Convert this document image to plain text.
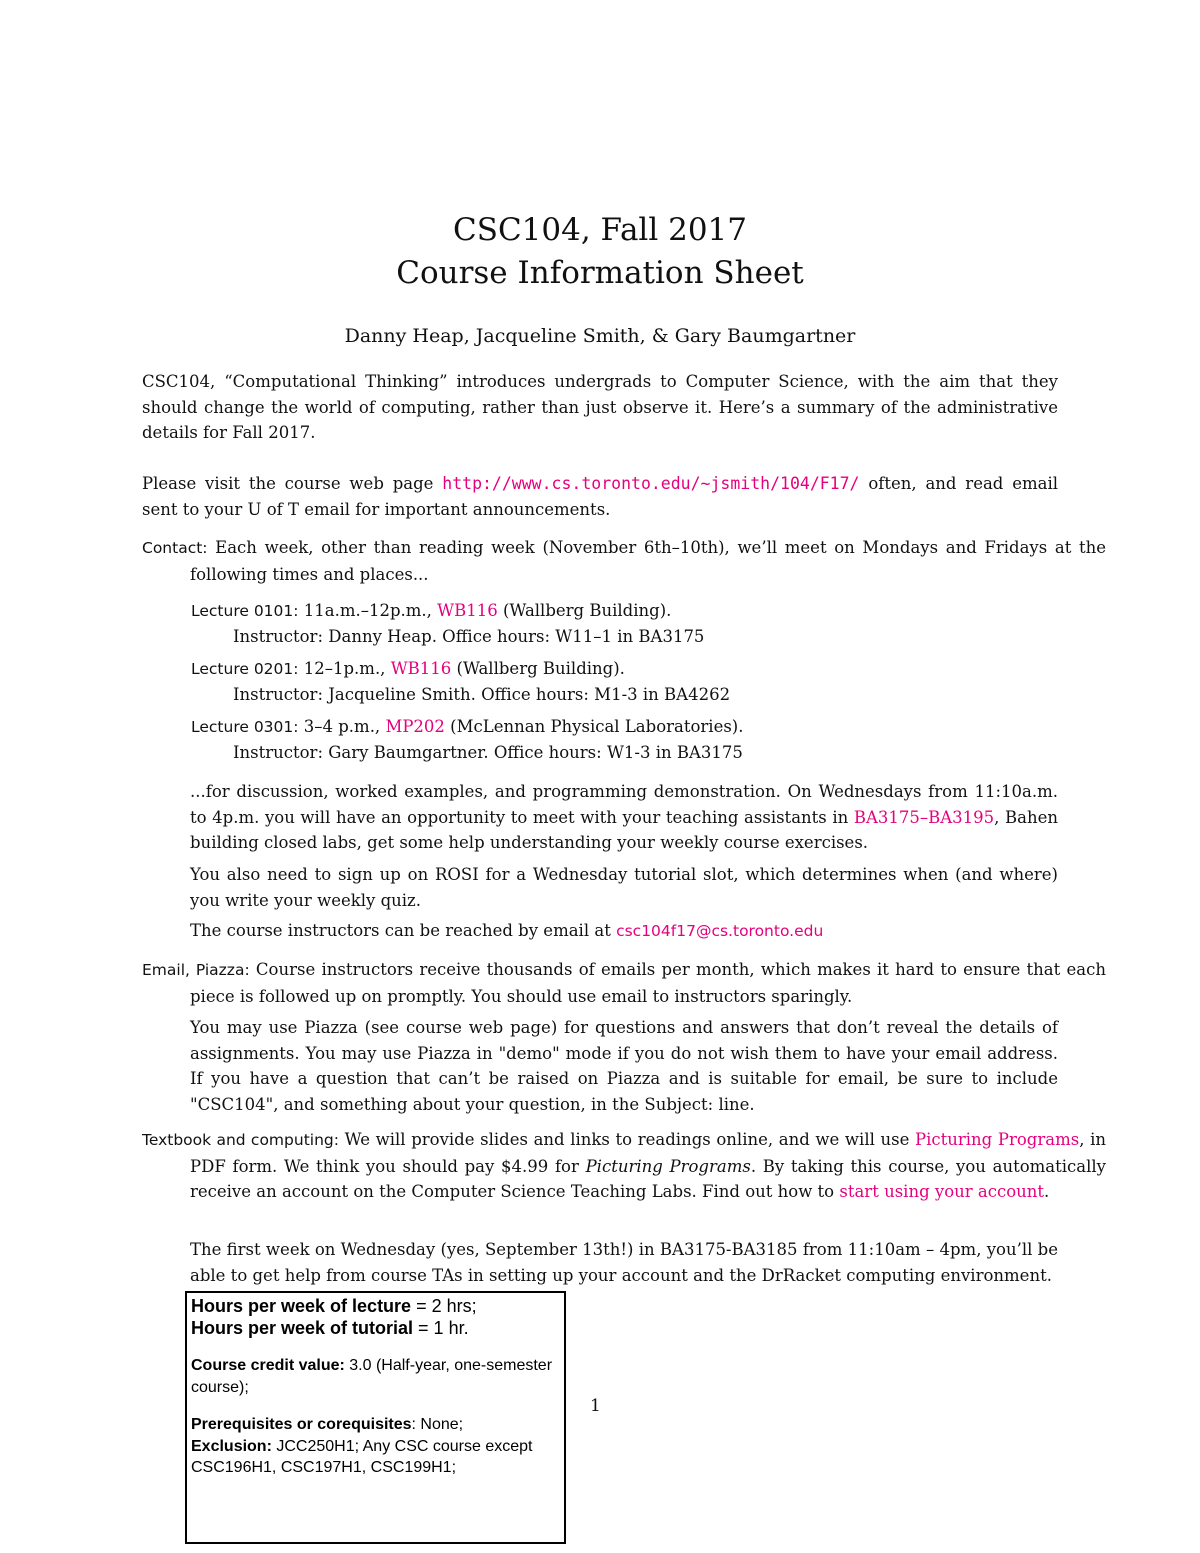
CSC104, Fall 2017
Course Information Sheet
Danny Heap, Jacqueline Smith, & Gary Baumgartner
CSC104, “Computational Thinking” introduces undergrads to Computer Science, with the aim that they should change the world of computing, rather than just observe it. Here’s a summary of the administrative details for Fall 2017.
Please visit the course web page http://www.cs.toronto.edu/~jsmith/104/F17/ often, and read email sent to your U of T email for important announcements.
Contact: Each week, other than reading week (November 6th–10th), we’ll meet on Mondays and Fridays at the following times and places...
Lecture 0101: 11a.m.–12p.m., WB116 (Wallberg Building).
Instructor: Danny Heap. Office hours: W11–1 in BA3175
Lecture 0201: 12–1p.m., WB116 (Wallberg Building).
Instructor: Jacqueline Smith. Office hours: M1-3 in BA4262
Lecture 0301: 3–4 p.m., MP202 (McLennan Physical Laboratories).
Instructor: Gary Baumgartner. Office hours: W1-3 in BA3175
...for discussion, worked examples, and programming demonstration. On Wednesdays from 11:10a.m. to 4p.m. you will have an opportunity to meet with your teaching assistants in BA3175–BA3195, Bahen building closed labs, get some help understanding your weekly course exercises.
You also need to sign up on ROSI for a Wednesday tutorial slot, which determines when (and where) you write your weekly quiz.
The course instructors can be reached by email at csc104f17@cs.toronto.edu
Email, Piazza: Course instructors receive thousands of emails per month, which makes it hard to ensure that each piece is followed up on promptly. You should use email to instructors sparingly.
You may use Piazza (see course web page) for questions and answers that don’t reveal the details of assignments. You may use Piazza in "demo" mode if you do not wish them to have your email address. If you have a question that can’t be raised on Piazza and is suitable for email, be sure to include "CSC104", and something about your question, in the Subject: line.
Textbook and computing: We will provide slides and links to readings online, and we will use Picturing Programs, in PDF form. We think you should pay $4.99 for Picturing Programs. By taking this course, you automatically receive an account on the Computer Science Teaching Labs. Find out how to start using your account.
The first week on Wednesday (yes, September 13th!) in BA3175-BA3185 from 11:10am – 4pm, you’ll be able to get help from course TAs in setting up your account and the DrRacket computing environment.
Hours per week of lecture = 2 hrs;
Hours per week of tutorial = 1 hr.
Course credit value: 3.0 (Half-year, one-semester course);
Prerequisites or corequisites: None;
Exclusion: JCC250H1; Any CSC course except CSC196H1, CSC197H1, CSC199H1;
1
